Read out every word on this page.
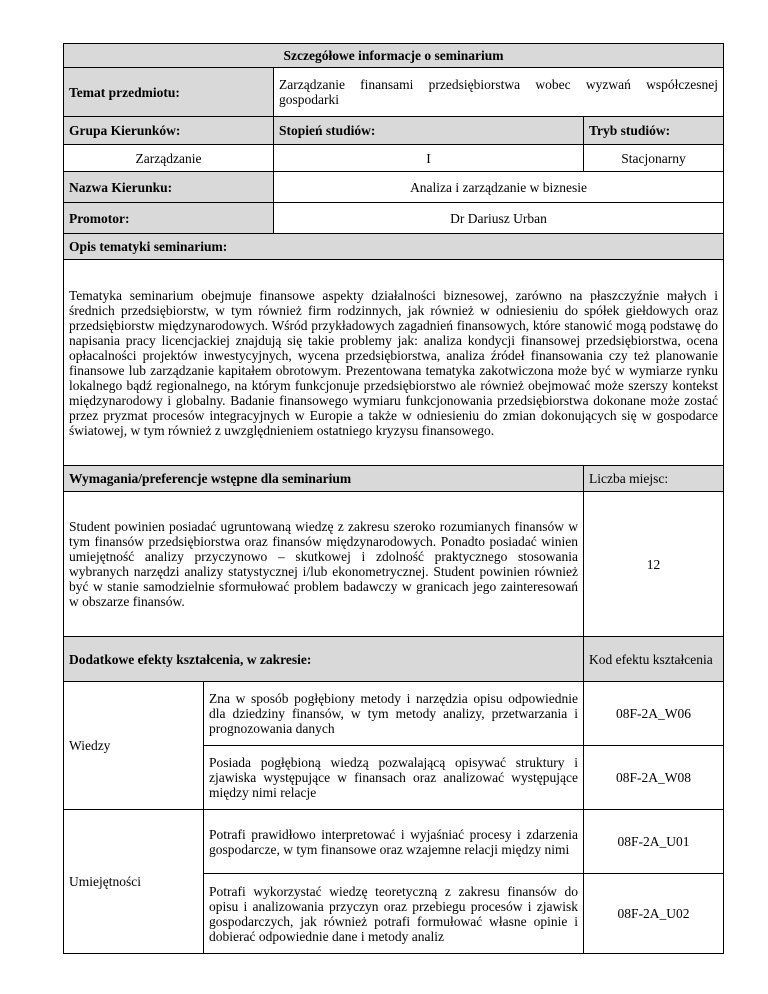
Szczegółowe informacje o seminarium			
Temat przedmiotu:		Zarządzanie finansami przedsiębiorstwa wobec wyzwań współczesnej gospodarki	
Grupa Kierunków:		Stopień studiów:	Tryb studiów:
Zarządzanie		I	Stacjonarny
Nazwa Kierunku:		Analiza i zarządzanie w biznesie	
Promotor:		Dr Dariusz Urban	
Opis tematyki seminarium:			
Tematyka seminarium obejmuje finansowe aspekty działalności biznesowej, zarówno na płaszczyźnie małych i średnich przedsiębiorstw, w tym również firm rodzinnych, jak również w odniesieniu do spółek giełdowych oraz przedsiębiorstw międzynarodowych. Wśród przykładowych zagadnień finansowych, które stanowić mogą podstawę do napisania pracy licencjackiej znajdują się takie problemy jak: analiza kondycji finansowej przedsiębiorstwa, ocena opłacalności projektów inwestycyjnych, wycena przedsiębiorstwa, analiza źródeł finansowania czy też planowanie finansowe lub zarządzanie kapitałem obrotowym. Prezentowana tematyka zakotwiczona może być w wymiarze rynku lokalnego bądź regionalnego, na którym funkcjonuje przedsiębiorstwo ale również obejmować może szerszy kontekst międzynarodowy i globalny. Badanie finansowego wymiaru funkcjonowania przedsiębiorstwa dokonane może zostać przez pryzmat procesów integracyjnych w Europie a także w odniesieniu do zmian dokonujących się w gospodarce światowej, w tym również z uwzględnieniem ostatniego kryzysu finansowego.			
Wymagania/preferencje wstępne dla seminarium			Liczba miejsc:
Student powinien posiadać ugruntowaną wiedzę z zakresu szeroko rozumianych finansów w tym finansów przedsiębiorstwa oraz finansów międzynarodowych. Ponadto posiadać winien umiejętność analizy przyczynowo – skutkowej i zdolność praktycznego stosowania wybranych narzędzi analizy statystycznej i/lub ekonometrycznej. Student powinien również być w stanie samodzielnie sformułować problem badawczy w granicach jego zainteresowań w obszarze finansów.			12
Dodatkowe efekty kształcenia, w zakresie:			Kod efektu kształcenia
Wiedzy	Zna w sposób pogłębiony metody i narzędzia opisu odpowiednie dla dziedziny finansów, w tym metody analizy, przetwarzania i prognozowania danych		08F-2A_W06
	Posiada pogłębioną wiedzą pozwalającą opisywać struktury i zjawiska występujące w finansach oraz analizować występujące między nimi relacje		08F-2A_W08
Umiejętności	Potrafi prawidłowo interpretować i wyjaśniać procesy i zdarzenia gospodarcze, w tym finansowe oraz wzajemne relacji między nimi		08F-2A_U01
	Potrafi wykorzystać wiedzę teoretyczną z zakresu finansów do opisu i analizowania przyczyn oraz przebiegu procesów i zjawisk gospodarczych, jak również potrafi formułować własne opinie i dobierać odpowiednie dane i metody analiz		08F-2A_U02
